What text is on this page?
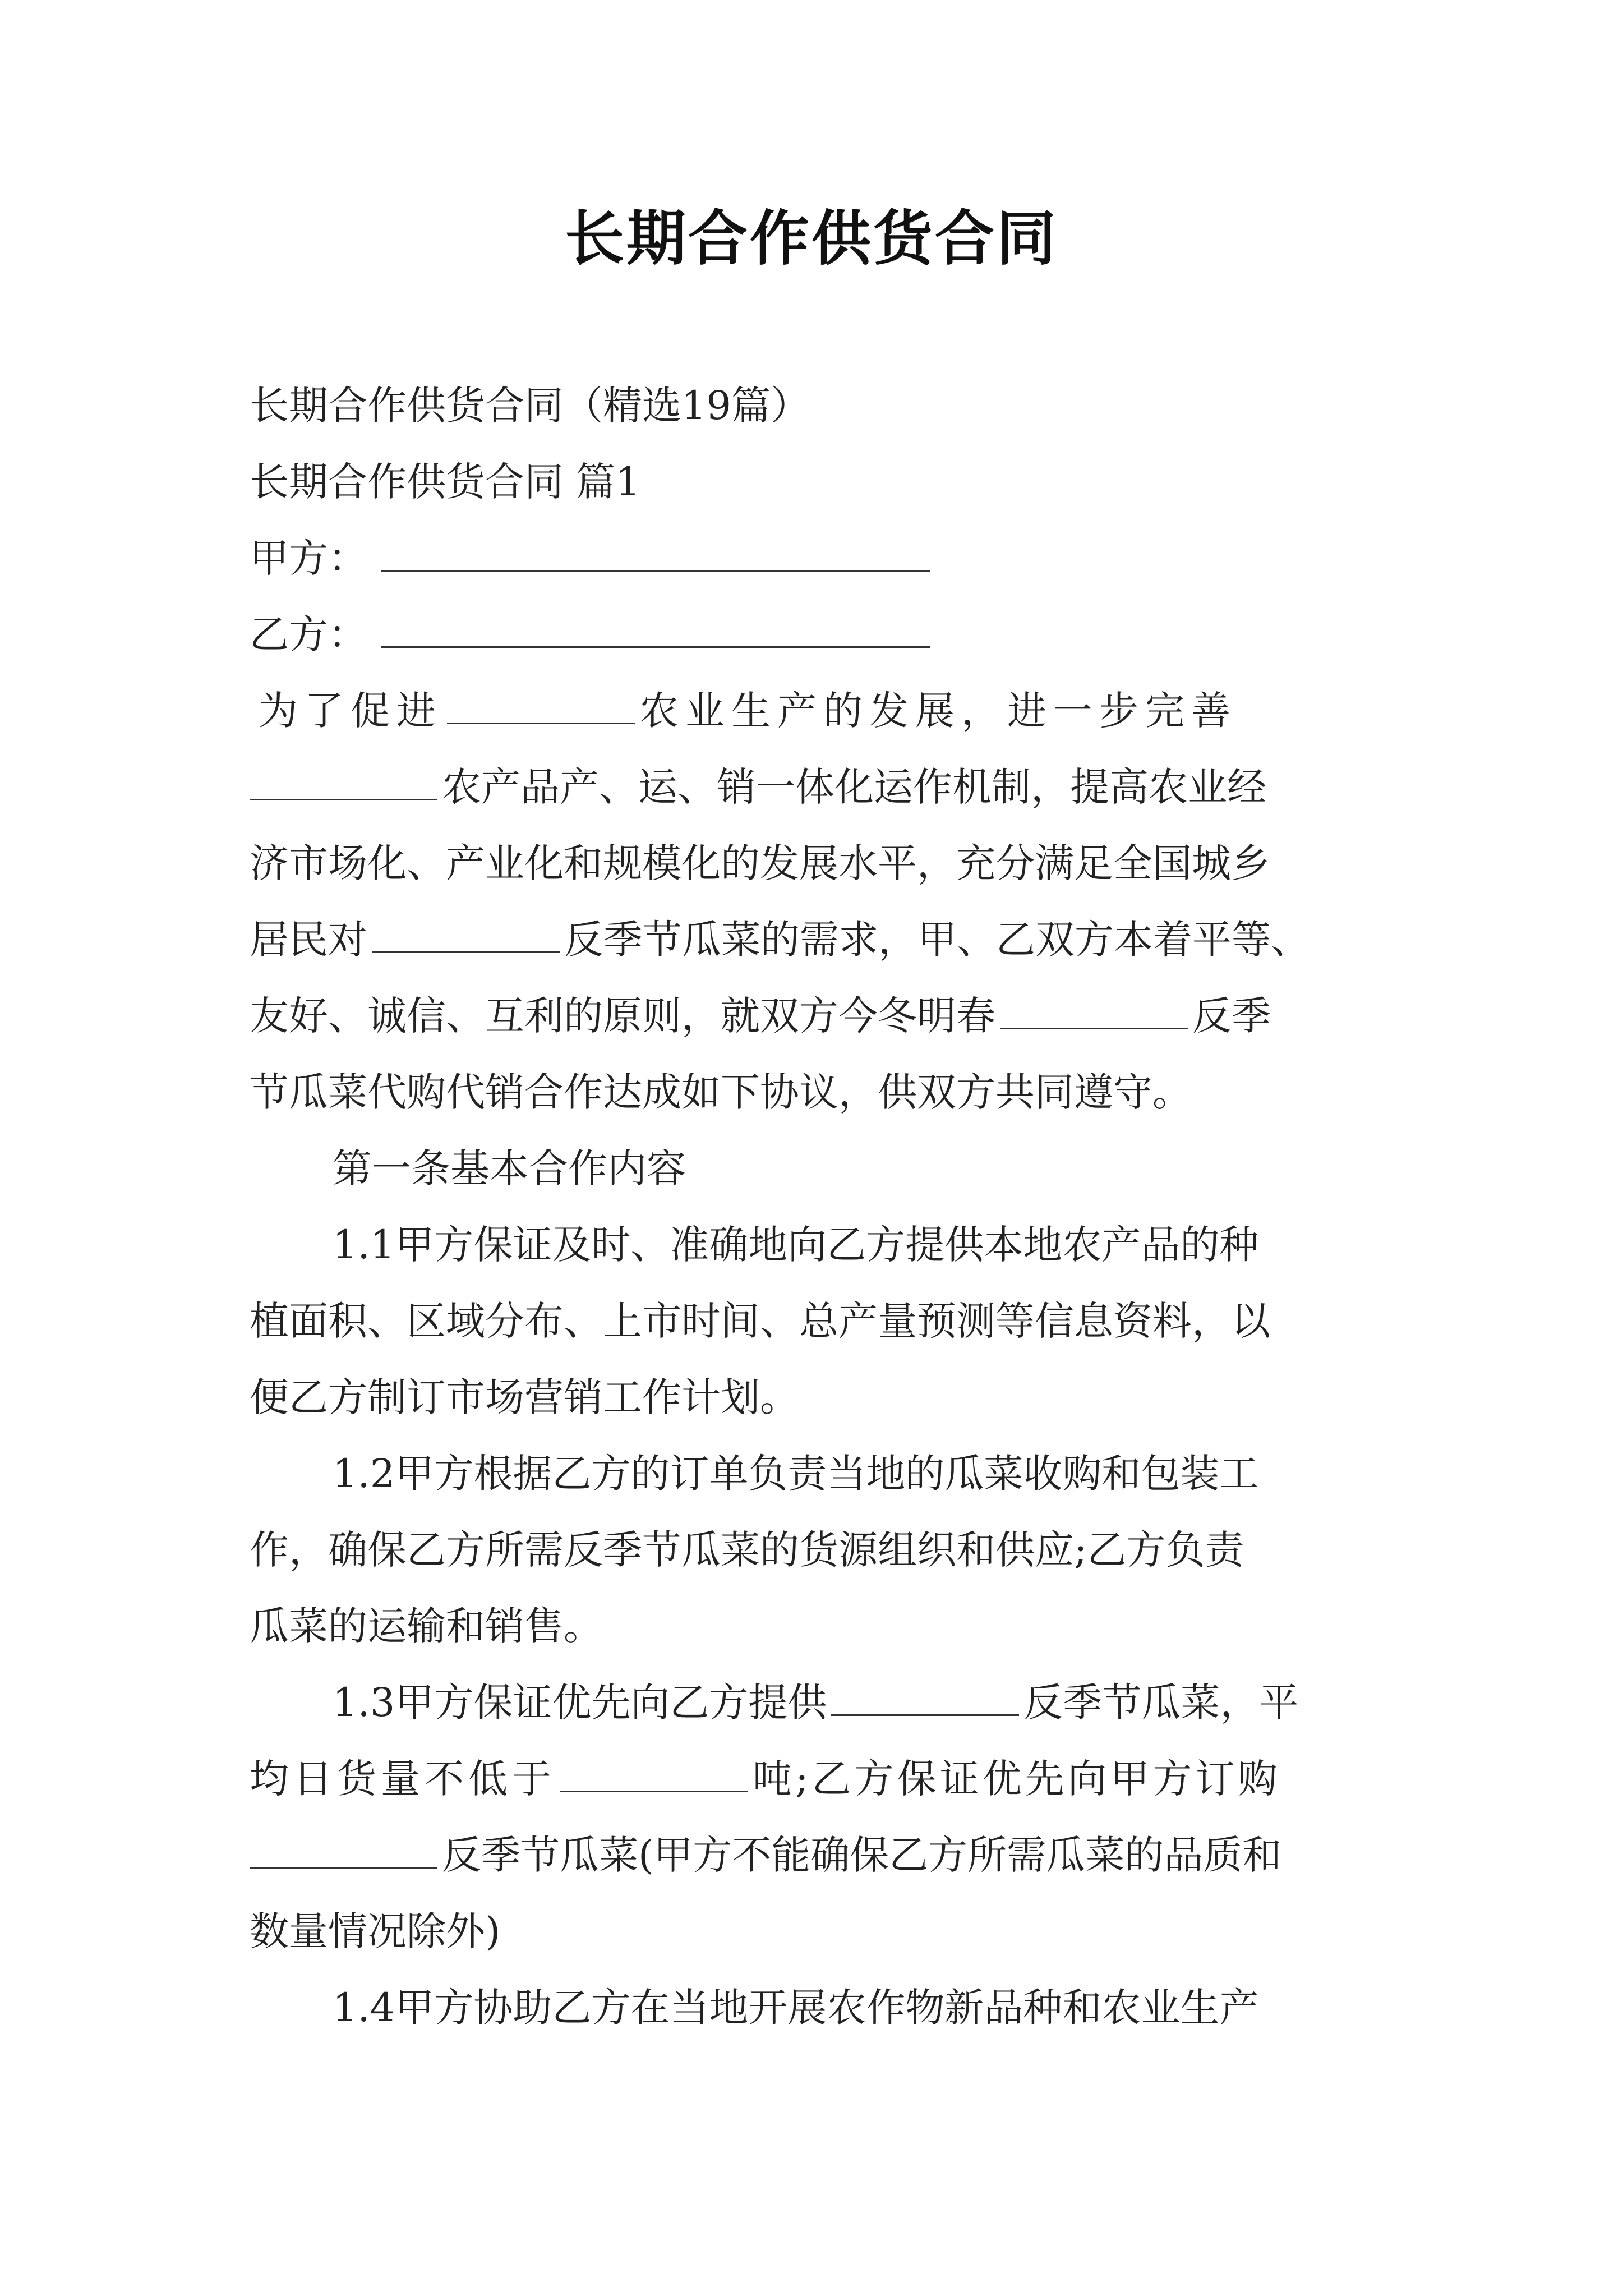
长期合作供货合同
长期合作供货合同（精选19篇）
长期合作供货合同 篇1
甲方：
乙方：
为了促进	农业生产的发展，进一步完善
农产品产、运、销一体化运作机制，提高农业经
济市场化、产业化和规模化的发展水平，充分满足全国城乡
居民对	反季节瓜菜的需求，甲、乙双方本着平等、
友好、诚信、互利的原则，就双方今冬明春	反季
节瓜菜代购代销合作达成如下协议，供双方共同遵守。
第一条基本合作内容
1.1甲方保证及时、准确地向乙方提供本地农产品的种
植面积、区域分布、上市时间、总产量预测等信息资料，以
便乙方制订市场营销工作计划。
1.2甲方根据乙方的订单负责当地的瓜菜收购和包装工
作，确保乙方所需反季节瓜菜的货源组织和供应;乙方负责
瓜菜的运输和销售。
1.3甲方保证优先向乙方提供	反季节瓜菜，平
均日货量不低于	吨;乙方保证优先向甲方订购
反季节瓜菜(甲方不能确保乙方所需瓜菜的品质和
数量情况除外)
1.4甲方协助乙方在当地开展农作物新品种和农业生产
